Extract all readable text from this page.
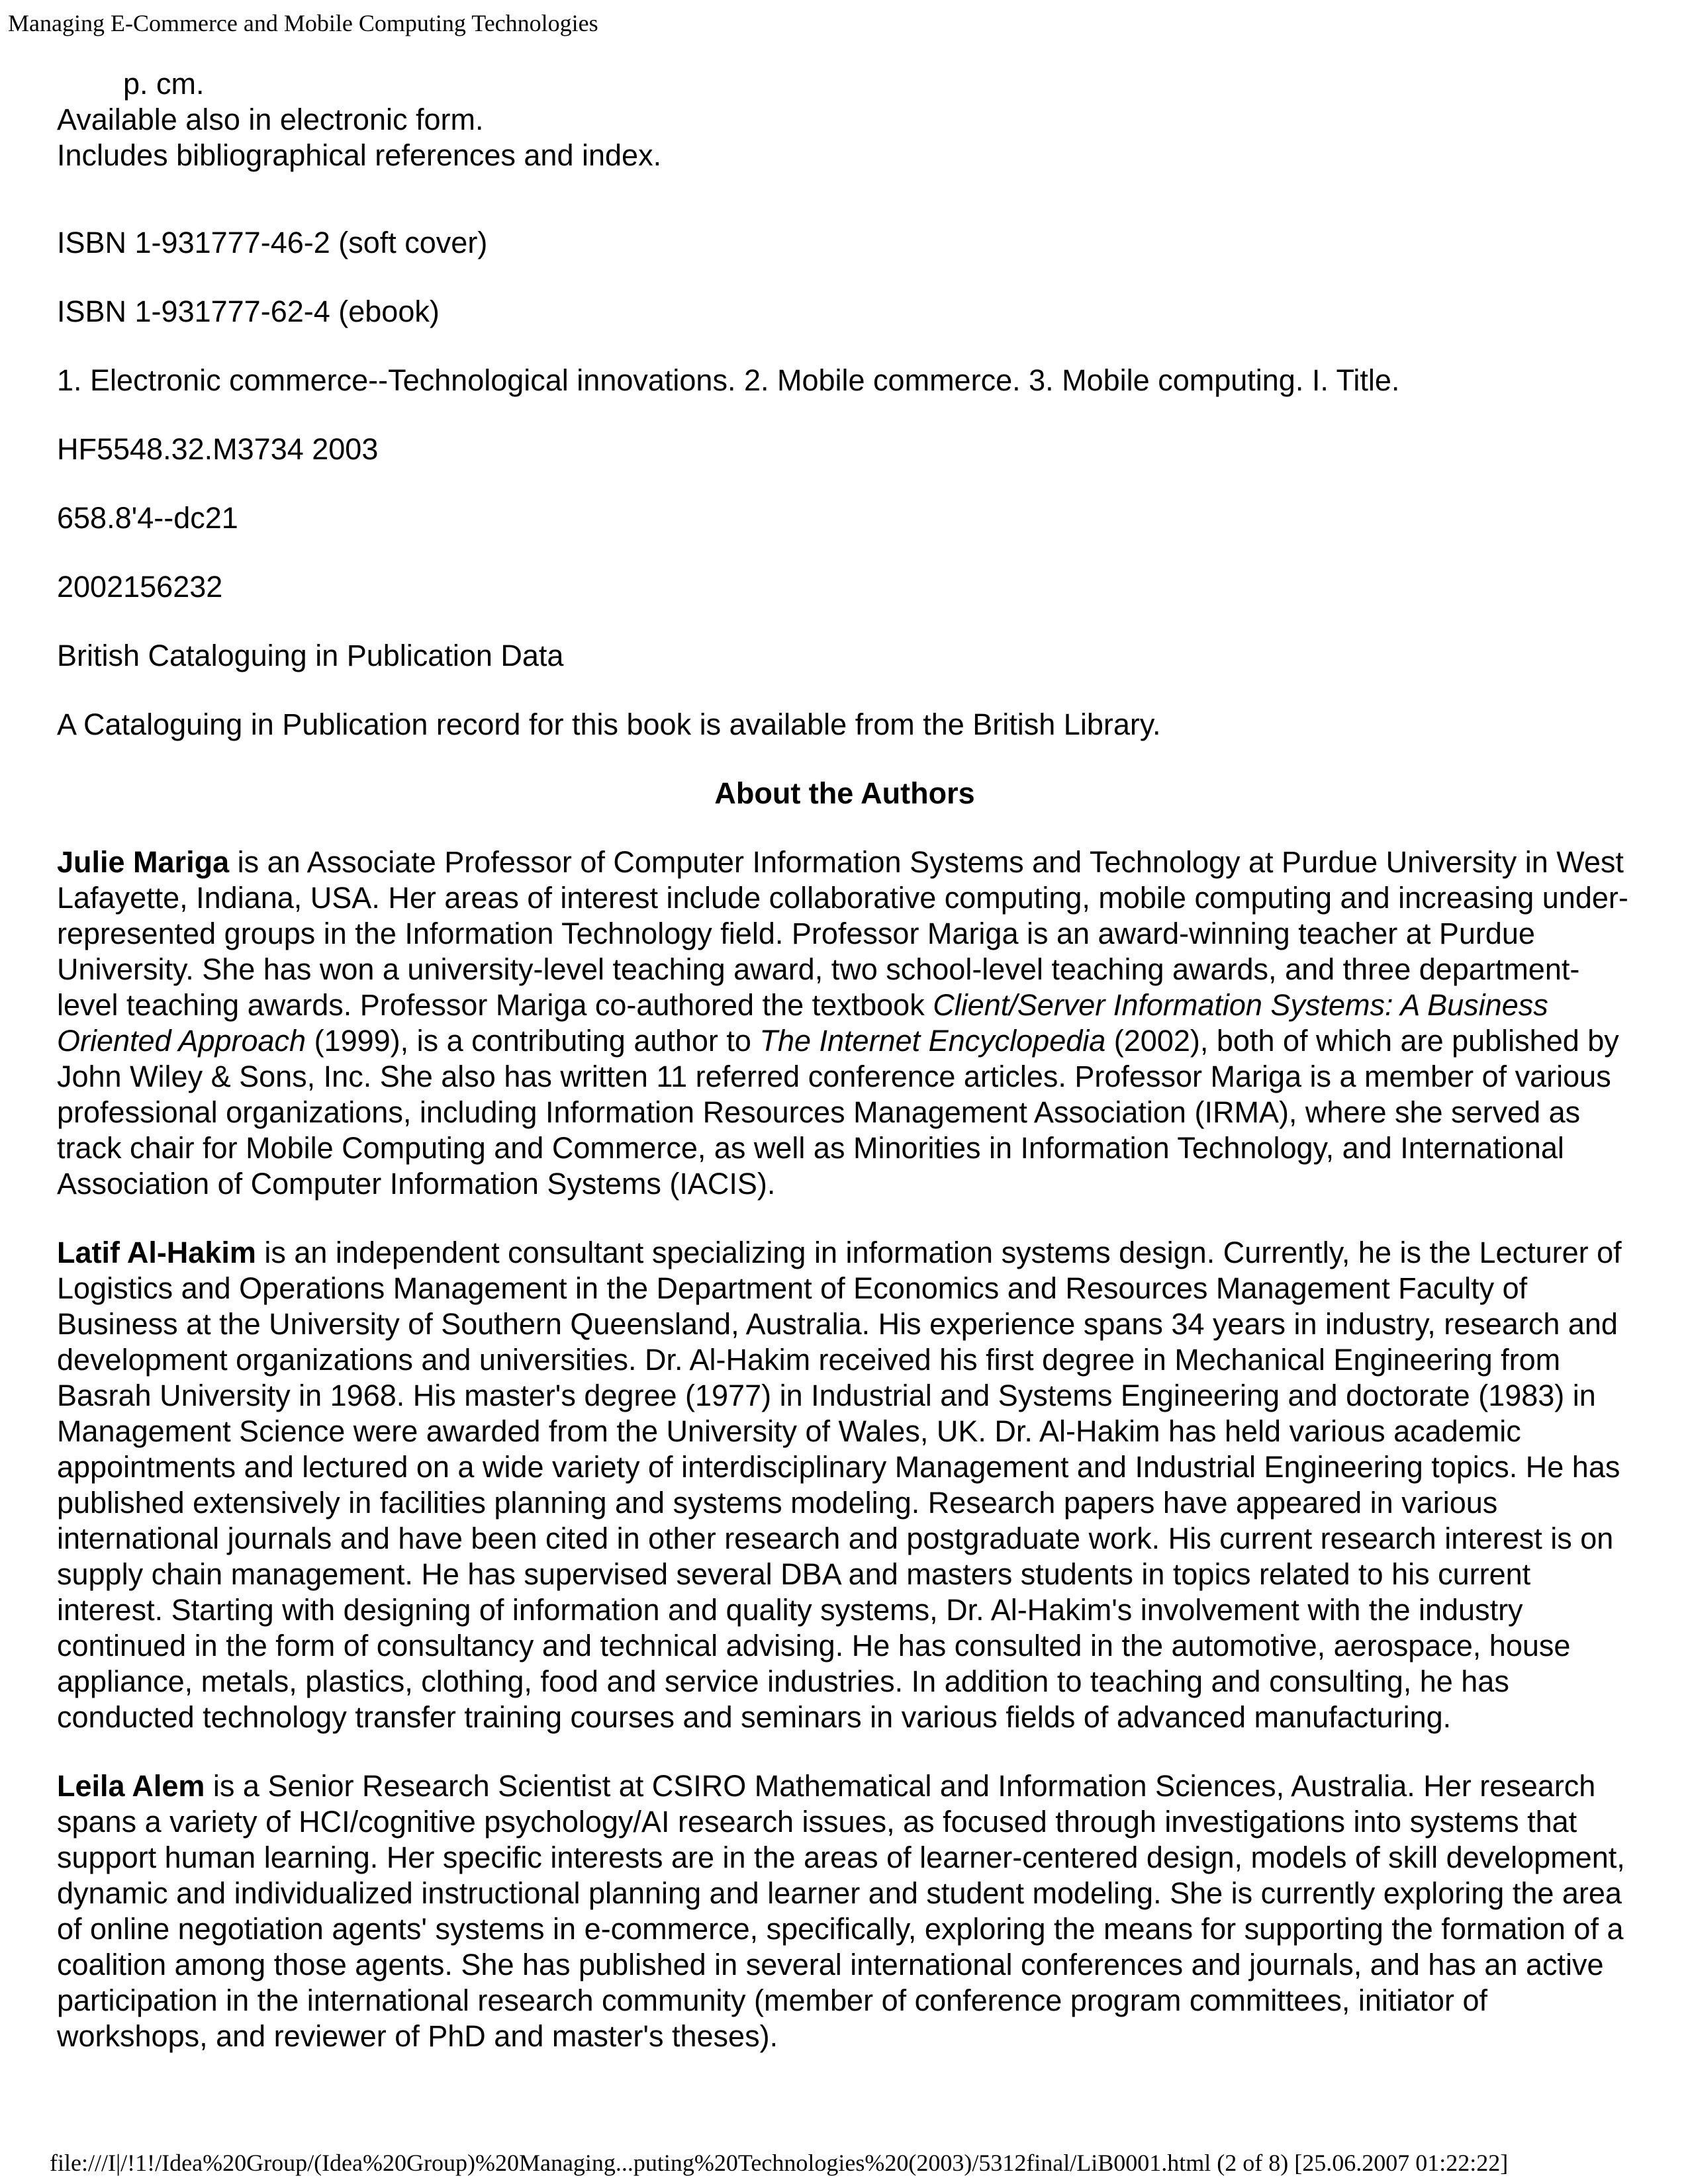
Managing E-Commerce and Mobile Computing Technologies
p. cm.
Available also in electronic form.
Includes bibliographical references and index.

ISBN 1-931777-46-2 (soft cover)

ISBN 1-931777-62-4 (ebook)

1. Electronic commerce--Technological innovations. 2. Mobile commerce. 3. Mobile computing. I. Title.

HF5548.32.M3734 2003

658.8'4--dc21

2002156232

British Cataloguing in Publication Data

A Cataloguing in Publication record for this book is available from the British Library.

About the Authors

Julie Mariga is an Associate Professor of Computer Information Systems and Technology at Purdue University in West Lafayette, Indiana, USA. Her areas of interest include collaborative computing, mobile computing and increasing under-represented groups in the Information Technology field. Professor Mariga is an award-winning teacher at Purdue University. She has won a university-level teaching award, two school-level teaching awards, and three department-level teaching awards. Professor Mariga co-authored the textbook Client/Server Information Systems: A Business Oriented Approach (1999), is a contributing author to The Internet Encyclopedia (2002), both of which are published by John Wiley & Sons, Inc. She also has written 11 referred conference articles. Professor Mariga is a member of various professional organizations, including Information Resources Management Association (IRMA), where she served as track chair for Mobile Computing and Commerce, as well as Minorities in Information Technology, and International Association of Computer Information Systems (IACIS).

Latif Al-Hakim is an independent consultant specializing in information systems design. Currently, he is the Lecturer of Logistics and Operations Management in the Department of Economics and Resources Management Faculty of Business at the University of Southern Queensland, Australia. His experience spans 34 years in industry, research and development organizations and universities. Dr. Al-Hakim received his first degree in Mechanical Engineering from Basrah University in 1968. His master's degree (1977) in Industrial and Systems Engineering and doctorate (1983) in Management Science were awarded from the University of Wales, UK. Dr. Al-Hakim has held various academic appointments and lectured on a wide variety of interdisciplinary Management and Industrial Engineering topics. He has published extensively in facilities planning and systems modeling. Research papers have appeared in various international journals and have been cited in other research and postgraduate work. His current research interest is on supply chain management. He has supervised several DBA and masters students in topics related to his current interest. Starting with designing of information and quality systems, Dr. Al-Hakim's involvement with the industry continued in the form of consultancy and technical advising. He has consulted in the automotive, aerospace, house appliance, metals, plastics, clothing, food and service industries. In addition to teaching and consulting, he has conducted technology transfer training courses and seminars in various fields of advanced manufacturing.

Leila Alem is a Senior Research Scientist at CSIRO Mathematical and Information Sciences, Australia. Her research spans a variety of HCI/cognitive psychology/AI research issues, as focused through investigations into systems that support human learning. Her specific interests are in the areas of learner-centered design, models of skill development, dynamic and individualized instructional planning and learner and student modeling. She is currently exploring the area of online negotiation agents' systems in e-commerce, specifically, exploring the means for supporting the formation of a coalition among those agents. She has published in several international conferences and journals, and has an active participation in the international research community (member of conference program committees, initiator of workshops, and reviewer of PhD and master's theses).

file:///I|/!1!/Idea%20Group/(Idea%20Group)%20Managing...puting%20Technologies%20(2003)/5312final/LiB0001.html (2 of 8) [25.06.2007 01:22:22]
